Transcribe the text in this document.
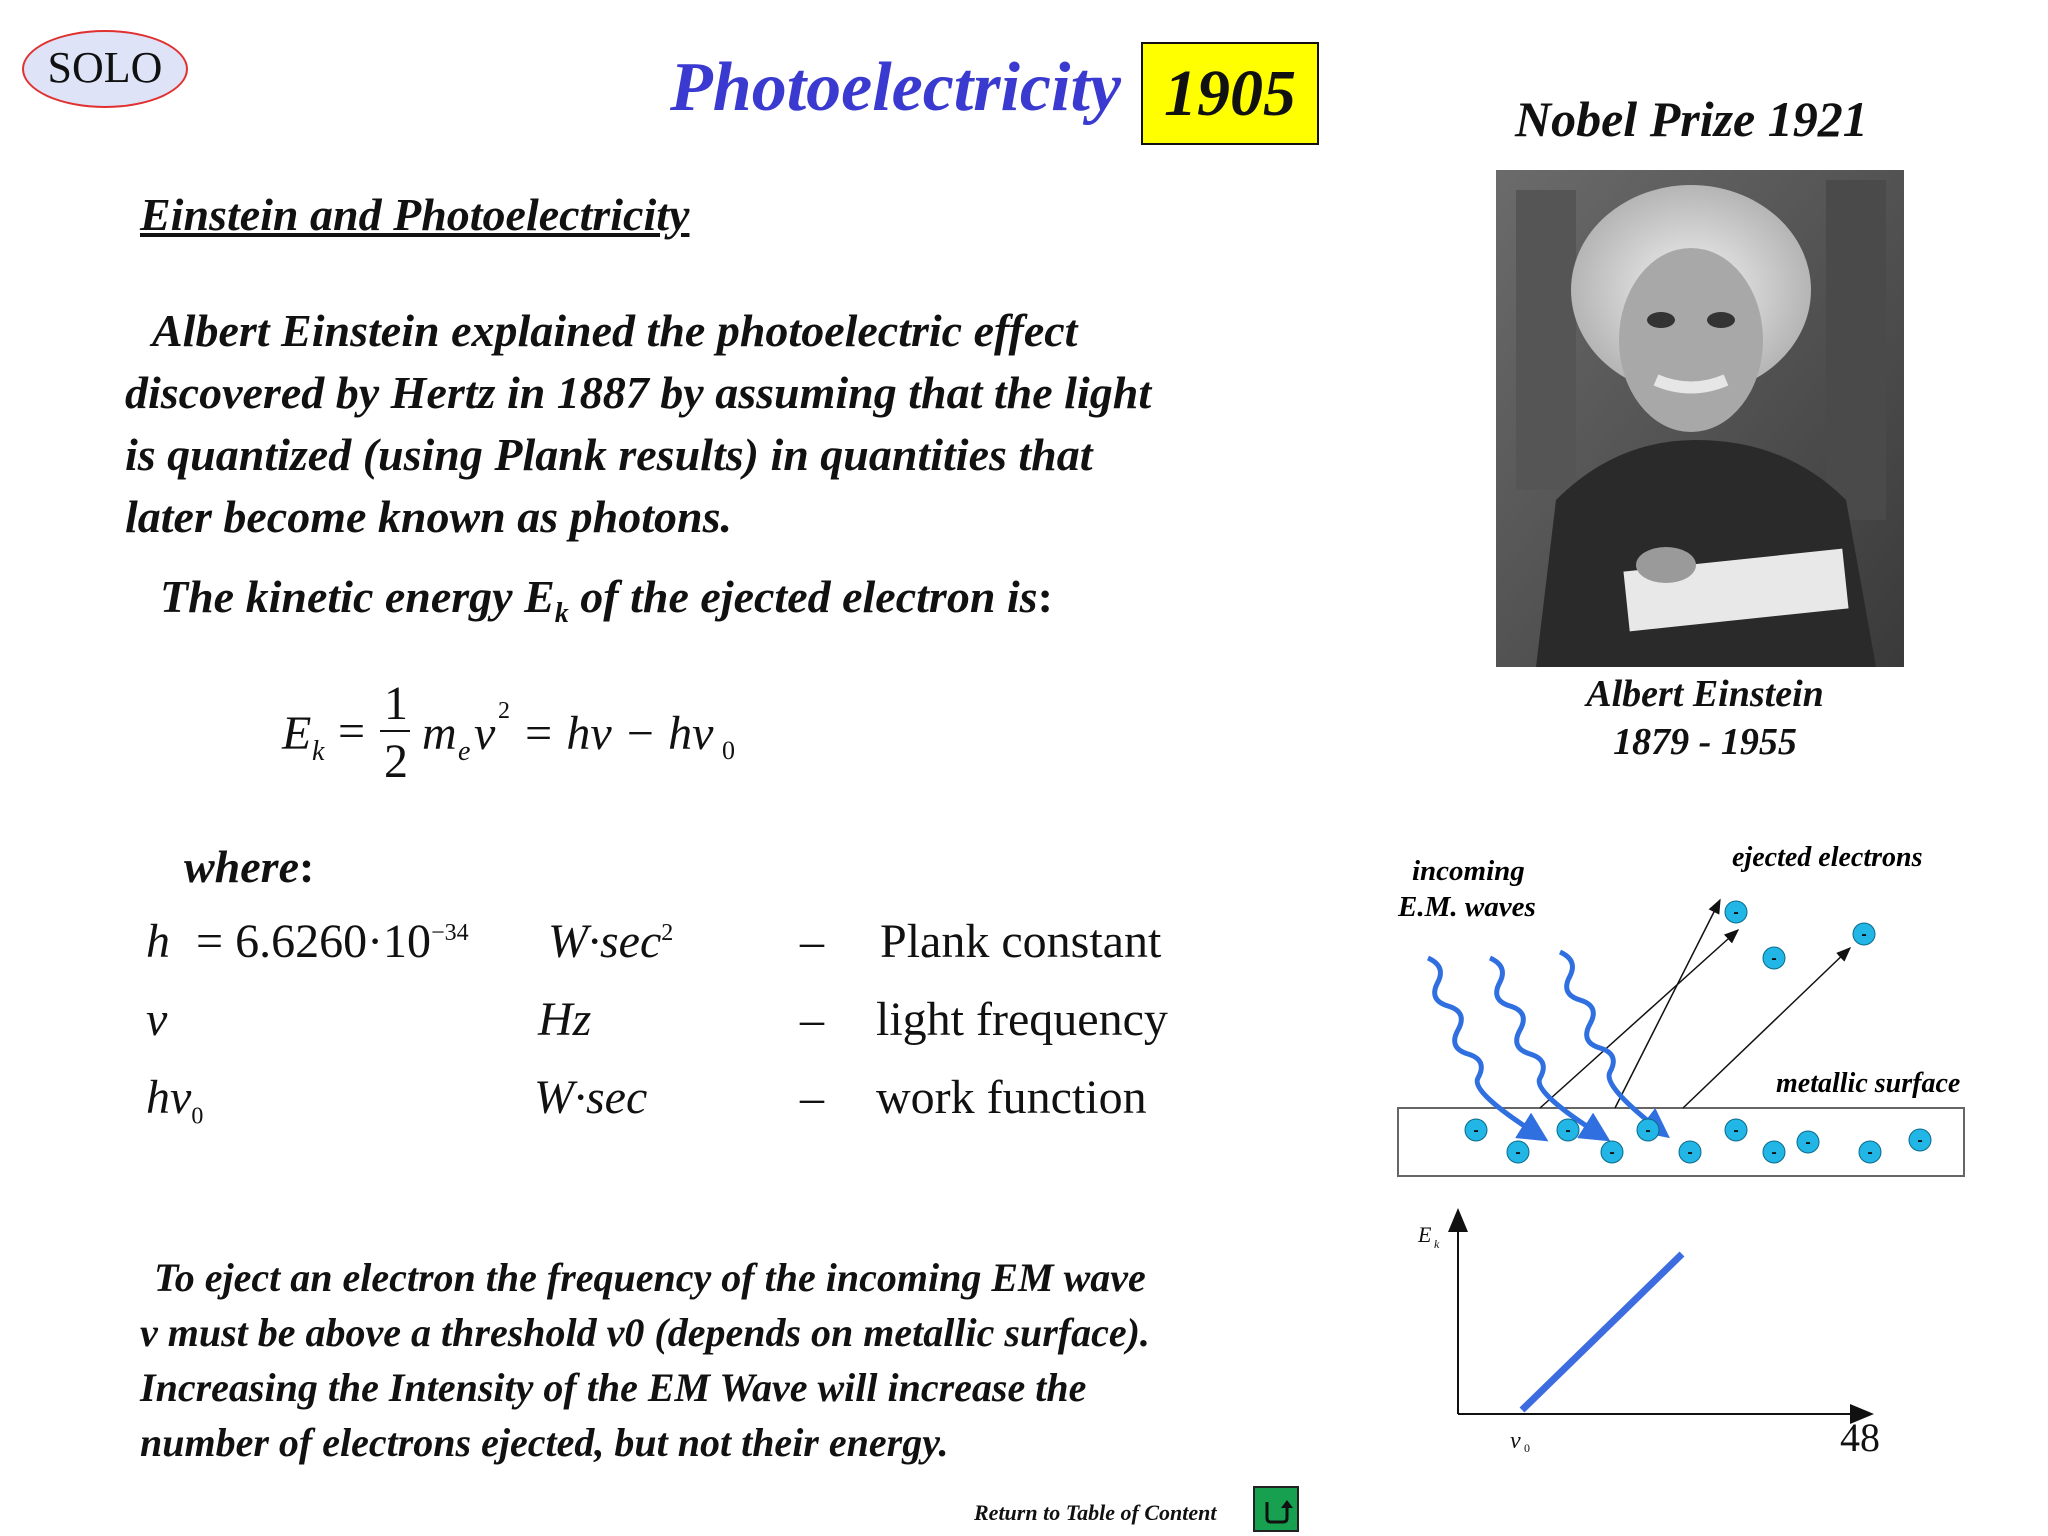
SOLO	Photoelectricity 1905	Nobel Prize 1921
Einstein and Photoelectricity
Albert Einstein explained the photoelectric effect
discovered by Hertz in 1887 by assuming that the light
is quantized (using Plank results) in quantities that
later become known as photons.
The kinetic energy $E_k$ of the ejected electron is:
E k =
1
2
m e v 2 = hν − hν 0
where:
$h = 6.6260\cdot 10^{-34}$ $W\cdot\sec^2$	– Plank constant
ν	Hz	– light frequency
$h\nu_0$	W·sec	– work function
To eject an electron the frequency of the incoming EM wave
ν must be above a threshold ν0 (depends on metallic surface).
Increasing the Intensity of the EM Wave will increase the
number of electrons ejected, but not their energy.
Albert Einstein
1879 - 1955
incoming
E.M. waves
ejected electrons
metallic surface
-
-
-
-
-
-
-
-
-
-
-
-
-
-
E k
ν 0	48
Return to Table of Content
